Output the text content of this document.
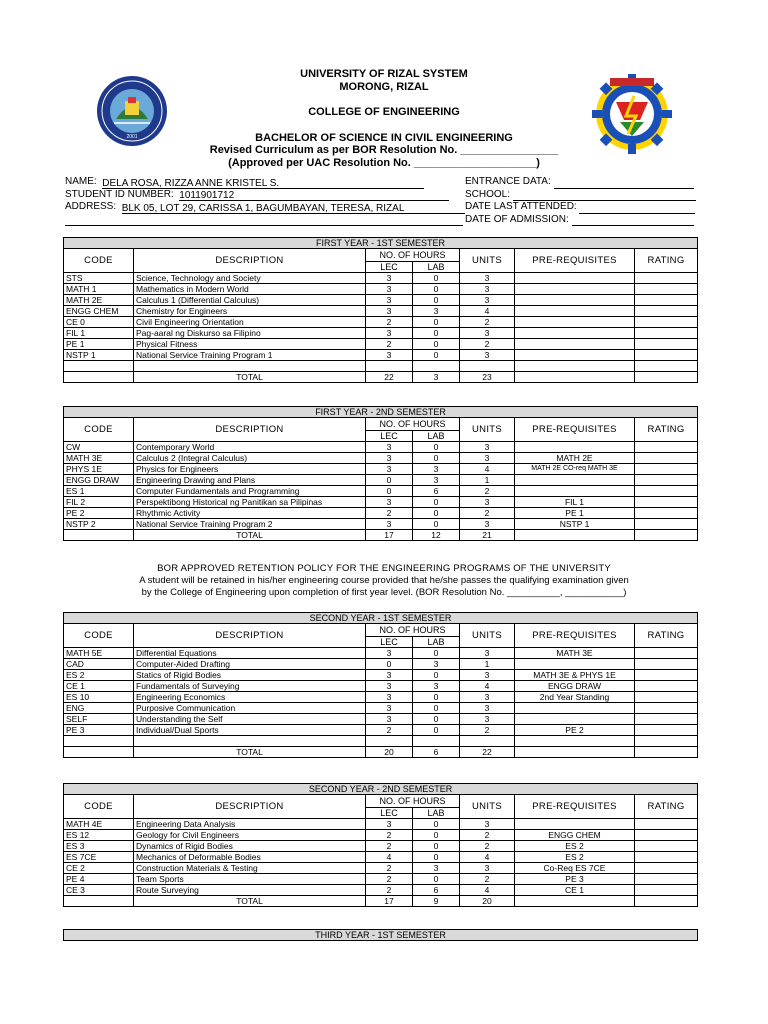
UNIVERSITY OF RIZAL SYSTEM
MORONG, RIZAL
COLLEGE OF ENGINEERING
BACHELOR OF SCIENCE IN CIVIL ENGINEERING
Revised Curriculum as per BOR Resolution No. ________________
(Approved per UAC Resolution No. ____________________)
2001
NAME: DELA ROSA, RIZZA ANNE KRISTEL S.	ENTRANCE DATA:
STUDENT ID NUMBER: 1011901712	SCHOOL:
ADDRESS: BLK 05, LOT 29, CARISSA 1, BAGUMBAYAN, TERESA, RIZAL	DATE LAST ATTENDED:
DATE OF ADMISSION:
FIRST YEAR - 1ST SEMESTER						
CODE	DESCRIPTION	NO. OF HOURS		UNITS	PRE-REQUISITES	RATING
		LEC	LAB			
STS	Science, Technology and Society	3	0	3		
MATH 1	Mathematics in Modern World	3	0	3		
MATH 2E	Calculus 1 (Differential Calculus)	3	0	3		
ENGG CHEM	Chemistry for Engineers	3	3	4		
CE 0	Civil Engineering Orientation	2	0	2		
FIL 1	Pag-aaral ng Diskurso sa Filipino	3	0	3		
PE 1	Physical Fitness	2	0	2		
NSTP 1	National Service Training Program 1	3	0	3		

	TOTAL	22	3	23		
FIRST YEAR - 2ND SEMESTER						
CODE	DESCRIPTION	NO. OF HOURS		UNITS	PRE-REQUISITES	RATING
		LEC	LAB			
CW	Contemporary World	3	0	3		
MATH 3E	Calculus 2 (Integral Calculus)	3	0	3	MATH 2E	
PHYS 1E	Physics for Engineers	3	3	4	MATH 2E CO-req MATH 3E	
ENGG DRAW	Engineering Drawing and Plans	0	3	1		
ES 1	Computer Fundamentals and Programming	0	6	2		
FIL 2	Perspektibong Historical ng Panitikan sa Pilipinas	3	0	3	FIL 1	
PE 2	Rhythmic Activity	2	0	2	PE 1	
NSTP 2	National Service Training Program 2	3	0	3	NSTP 1	
	TOTAL	17	12	21		
BOR APPROVED RETENTION POLICY FOR THE ENGINEERING PROGRAMS OF THE UNIVERSITY
A student will be retained in his/her engineering course provided that he/she passes the qualifying examination given
by the College of Engineering upon completion of first year level. (BOR Resolution No. __________, ___________)
SECOND YEAR - 1ST SEMESTER						
CODE	DESCRIPTION	NO. OF HOURS		UNITS	PRE-REQUISITES	RATING
		LEC	LAB			
MATH 5E	Differential Equations	3	0	3	MATH 3E	
CAD	Computer-Aided Drafting	0	3	1		
ES 2	Statics of Rigid Bodies	3	0	3	MATH 3E & PHYS 1E	
CE 1	Fundamentals of Surveying	3	3	4	ENGG DRAW	
ES 10	Engineering Economics	3	0	3	2nd Year Standing	
ENG	Purposive Communication	3	0	3		
SELF	Understanding the Self	3	0	3		
PE 3	Individual/Dual Sports	2	0	2	PE 2	

	TOTAL	20	6	22		
SECOND YEAR - 2ND SEMESTER						
CODE	DESCRIPTION	NO. OF HOURS		UNITS	PRE-REQUISITES	RATING
		LEC	LAB			
MATH 4E	Engineering Data Analysis	3	0	3		
ES 12	Geology for Civil Engineers	2	0	2	ENGG CHEM	
ES 3	Dynamics of Rigid Bodies	2	0	2	ES 2	
ES 7CE	Mechanics of Deformable Bodies	4	0	4	ES 2	
CE 2	Construction Materials & Testing	2	3	3	Co-Req ES 7CE	
PE 4	Team Sports	2	0	2	PE 3	
CE 3	Route Surveying	2	6	4	CE 1	
	TOTAL	17	9	20		
THIRD YEAR - 1ST SEMESTER
